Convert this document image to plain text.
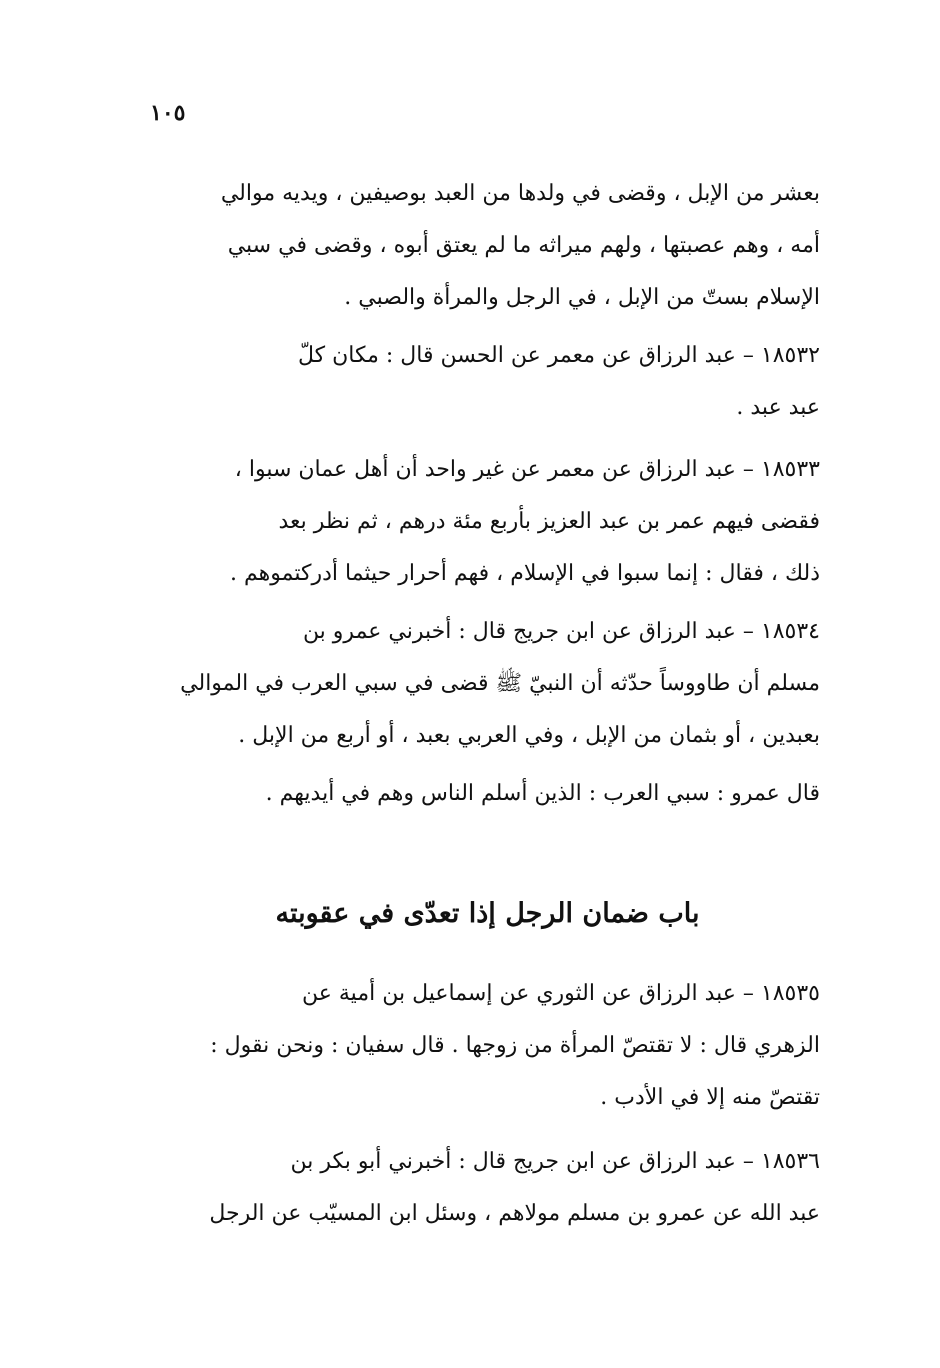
١٠٥
بعشر من الإبل ، وقضى في ولدها من العبد بوصيفين ، ويديه موالي
أمه ، وهم عصبتها ، ولهم ميراثه ما لم يعتق أبوه ، وقضى في سبي
الإسلام بستّ من الإبل ، في الرجل والمرأة والصبي .
١٨٥٣٢ – عبد الرزاق عن معمر عن الحسن قال : مكان كلّ
عبد عبد .
١٨٥٣٣ – عبد الرزاق عن معمر عن غير واحد أن أهل عمان سبوا ،
فقضى فيهم عمر بن عبد العزيز بأربع مئة درهم ، ثم نظر بعد
ذلك ، فقال : إنما سبوا في الإسلام ، فهم أحرار حيثما أدركتموهم .
١٨٥٣٤ – عبد الرزاق عن ابن جريج قال : أخبرني عمرو بن
مسلم أن طاووساً حدّثه أن النبيّ ﷺ قضى في سبي العرب في الموالي
بعبدين ، أو بثمان من الإبل ، وفي العربي بعبد ، أو أربع من الإبل .
قال عمرو : سبي العرب : الذين أسلم الناس وهم في أيديهم .
باب ضمان الرجل إذا تعدّى في عقوبته
١٨٥٣٥ – عبد الرزاق عن الثوري عن إسماعيل بن أمية عن
الزهري قال : لا تقتصّ المرأة من زوجها . قال سفيان : ونحن نقول :
تقتصّ منه إلا في الأدب .
١٨٥٣٦ – عبد الرزاق عن ابن جريج قال : أخبرني أبو بكر بن
عبد الله عن عمرو بن مسلم مولاهم ، وسئل ابن المسيّب عن الرجل
